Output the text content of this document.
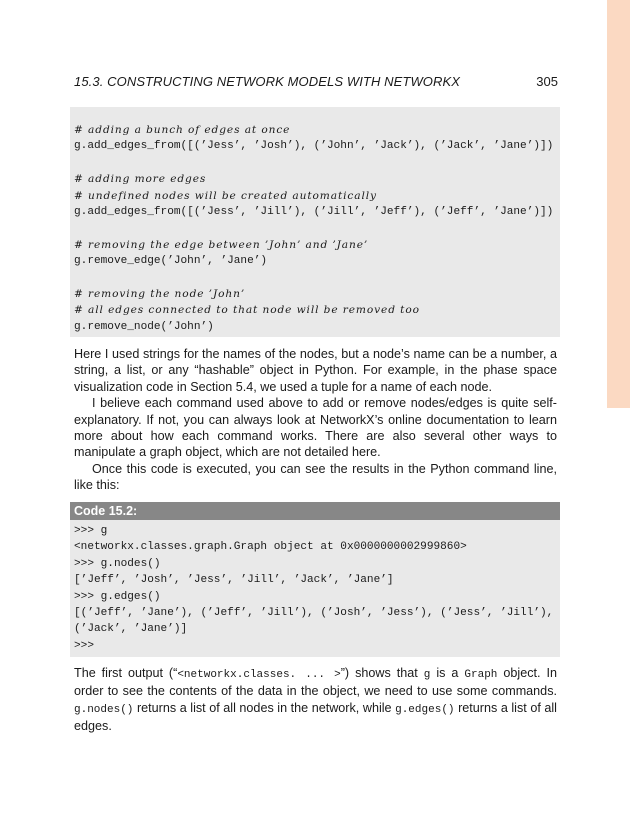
15.3. CONSTRUCTING NETWORK MODELS WITH NETWORKX	305
# adding a bunch of edges at once
g.add_edges_from([(’Jess’, ’Josh’), (’John’, ’Jack’), (’Jack’, ’Jane’)])
# adding more edges
# undefined nodes will be created automatically
g.add_edges_from([(’Jess’, ’Jill’), (’Jill’, ’Jeff’), (’Jeff’, ’Jane’)])
# removing the edge between ’John’ and ’Jane’
g.remove_edge(’John’, ’Jane’)
# removing the node ’John’
# all edges connected to that node will be removed too
g.remove_node(’John’)

Here I used strings for the names of the nodes, but a node’s name can be a number, a string, a list, or any “hashable” object in Python. For example, in the phase space visualization code in Section 5.4, we used a tuple for a name of each node.

I believe each command used above to add or remove nodes/edges is quite self-explanatory. If not, you can always look at NetworkX’s online documentation to learn more about how each command works. There are also several other ways to manipulate a graph object, which are not detailed here.

Once this code is executed, you can see the results in the Python command line, like this:

Code 15.2:
>>> g
<networkx.classes.graph.Graph object at 0x0000000002999860>
>>> g.nodes()
[’Jeff’, ’Josh’, ’Jess’, ’Jill’, ’Jack’, ’Jane’]
>>> g.edges()
[(’Jeff’, ’Jane’), (’Jeff’, ’Jill’), (’Josh’, ’Jess’), (’Jess’, ’Jill’),
(’Jack’, ’Jane’)]
>>>

The first output (“<networkx.classes. ... >”) shows that g is a Graph object. In order to see the contents of the data in the object, we need to use some commands. g.nodes() returns a list of all nodes in the network, while g.edges() returns a list of all edges.
